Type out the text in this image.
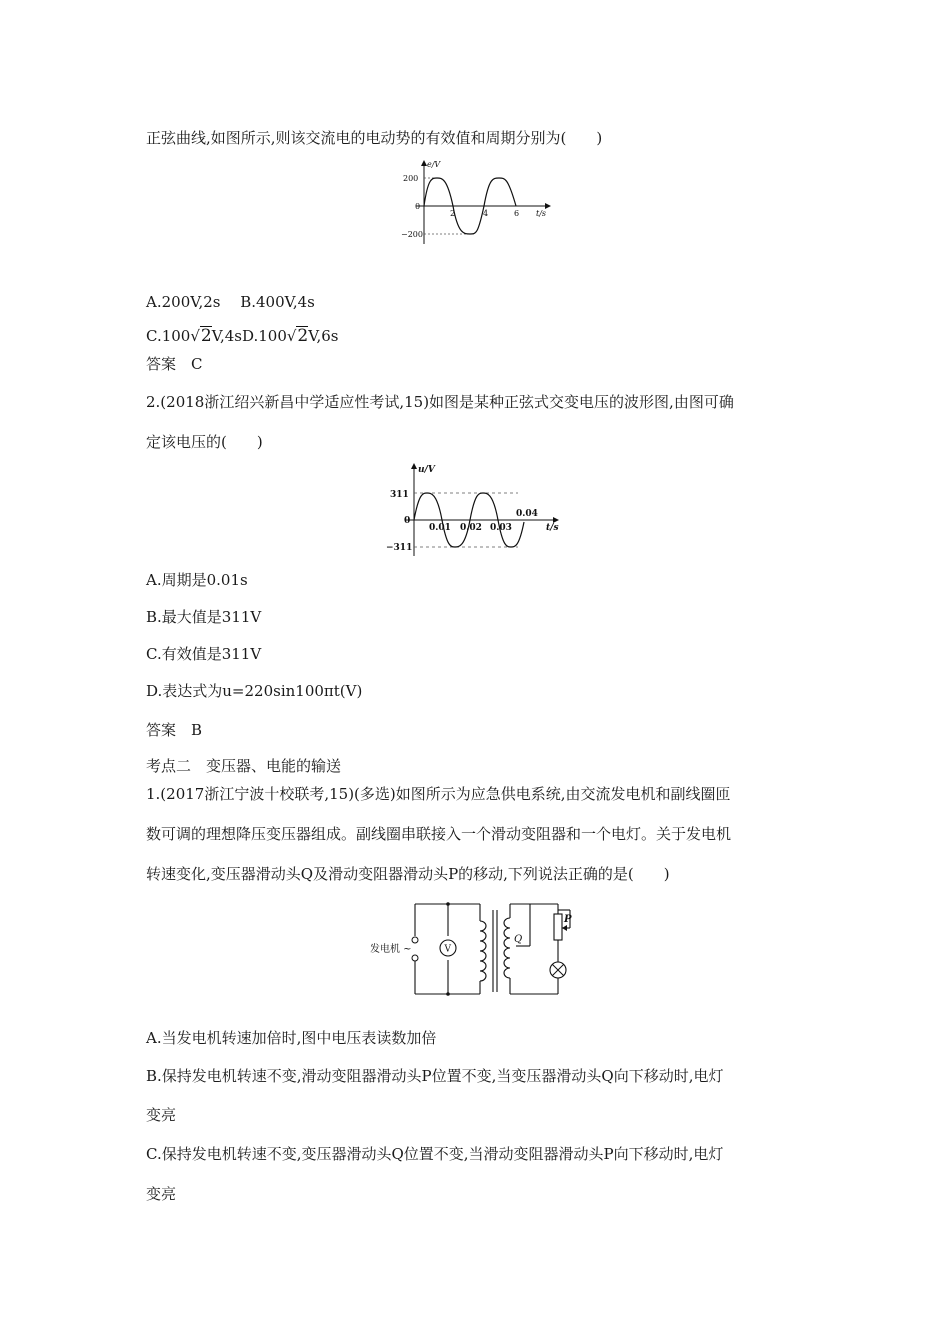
正弦曲线,如图所示,则该交流电的电动势的有效值和周期分别为(　　)
e/V
t/s
200
0
−200
2	4	6
A.200V,2s　 B.400V,4s
C.100√2V,4sD.100√2V,6s
答案　C
2.(2018浙江绍兴新昌中学适应性考试,15)如图是某种正弦式交变电压的波形图,由图可确
定该电压的(　　)
u/V
t/s
311
0
−311
0.01 0.02 0.03
0.04
A.周期是0.01s
B.最大值是311V
C.有效值是311V
D.表达式为u=220sin100πt(V)
答案　B
考点二　变压器、电能的输送
1.(2017浙江宁波十校联考,15)(多选)如图所示为应急供电系统,由交流发电机和副线圈匝
数可调的理想降压变压器组成。副线圈串联接入一个滑动变阻器和一个电灯。关于发电机
转速变化,变压器滑动头Q及滑动变阻器滑动头P的移动,下列说法正确的是(　　)
V
发电机 ~
Q
P
A.当发电机转速加倍时,图中电压表读数加倍
B.保持发电机转速不变,滑动变阻器滑动头P位置不变,当变压器滑动头Q向下移动时,电灯
变亮
C.保持发电机转速不变,变压器滑动头Q位置不变,当滑动变阻器滑动头P向下移动时,电灯
变亮
